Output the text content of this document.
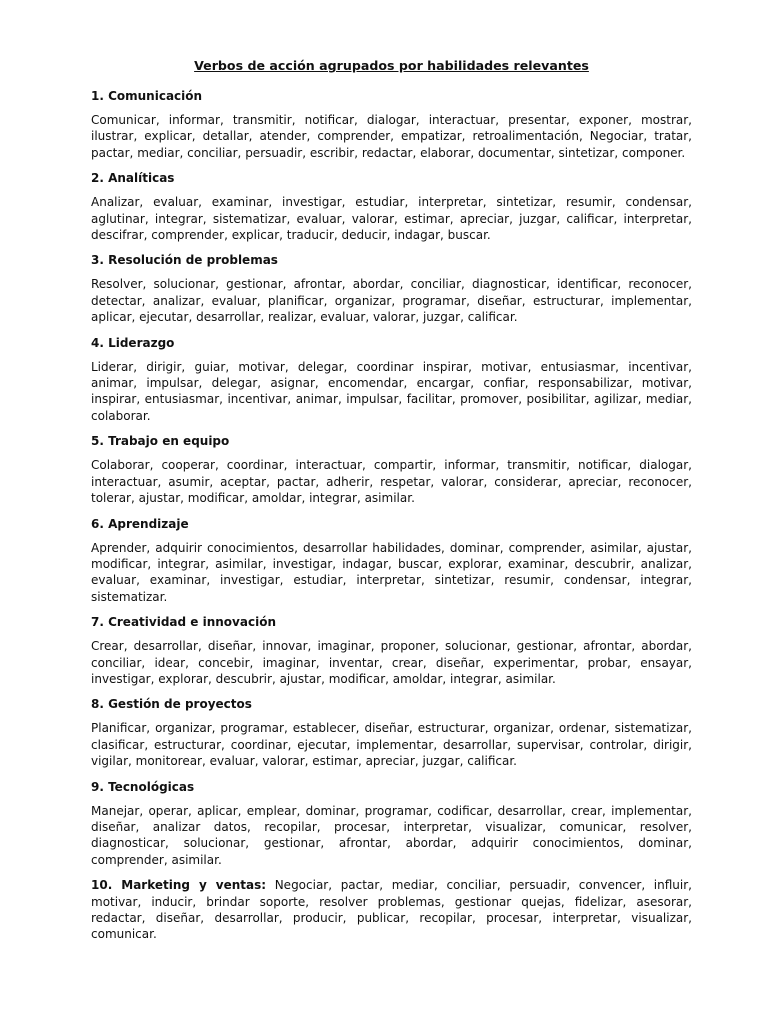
Verbos de acción agrupados por habilidades relevantes
1. Comunicación
Comunicar, informar, transmitir, notificar, dialogar, interactuar, presentar, exponer, mostrar, ilustrar, explicar, detallar, atender, comprender, empatizar, retroalimentación, Negociar, tratar, pactar, mediar, conciliar, persuadir, escribir, redactar, elaborar, documentar, sintetizar, componer.
2. Analíticas
Analizar, evaluar, examinar, investigar, estudiar, interpretar, sintetizar, resumir, condensar, aglutinar, integrar, sistematizar, evaluar, valorar, estimar, apreciar, juzgar, calificar, interpretar, descifrar, comprender, explicar, traducir, deducir, indagar, buscar.
3. Resolución de problemas
Resolver, solucionar, gestionar, afrontar, abordar, conciliar, diagnosticar, identificar, reconocer, detectar, analizar, evaluar, planificar, organizar, programar, diseñar, estructurar, implementar, aplicar, ejecutar, desarrollar, realizar, evaluar, valorar, juzgar, calificar.
4. Liderazgo
Liderar, dirigir, guiar, motivar, delegar, coordinar inspirar, motivar, entusiasmar, incentivar, animar, impulsar, delegar, asignar, encomendar, encargar, confiar, responsabilizar, motivar, inspirar, entusiasmar, incentivar, animar, impulsar, facilitar, promover, posibilitar, agilizar, mediar, colaborar.
5. Trabajo en equipo
Colaborar, cooperar, coordinar, interactuar, compartir, informar, transmitir, notificar, dialogar, interactuar, asumir, aceptar, pactar, adherir, respetar, valorar, considerar, apreciar, reconocer, tolerar, ajustar, modificar, amoldar, integrar, asimilar.
6. Aprendizaje
Aprender, adquirir conocimientos, desarrollar habilidades, dominar, comprender, asimilar, ajustar, modificar, integrar, asimilar, investigar, indagar, buscar, explorar, examinar, descubrir, analizar, evaluar, examinar, investigar, estudiar, interpretar, sintetizar, resumir, condensar, integrar, sistematizar.
7. Creatividad e innovación
Crear, desarrollar, diseñar, innovar, imaginar, proponer, solucionar, gestionar, afrontar, abordar, conciliar, idear, concebir, imaginar, inventar, crear, diseñar, experimentar, probar, ensayar, investigar, explorar, descubrir, ajustar, modificar, amoldar, integrar, asimilar.
8. Gestión de proyectos
Planificar, organizar, programar, establecer, diseñar, estructurar, organizar, ordenar, sistematizar, clasificar, estructurar, coordinar, ejecutar, implementar, desarrollar, supervisar, controlar, dirigir, vigilar, monitorear, evaluar, valorar, estimar, apreciar, juzgar, calificar.
9. Tecnológicas
Manejar, operar, aplicar, emplear, dominar, programar, codificar, desarrollar, crear, implementar, diseñar, analizar datos, recopilar, procesar, interpretar, visualizar, comunicar, resolver, diagnosticar, solucionar, gestionar, afrontar, abordar, adquirir conocimientos, dominar, comprender, asimilar.
10. Marketing y ventas: Negociar, pactar, mediar, conciliar, persuadir, convencer, influir, motivar, inducir, brindar soporte, resolver problemas, gestionar quejas, fidelizar, asesorar, redactar, diseñar, desarrollar, producir, publicar, recopilar, procesar, interpretar, visualizar, comunicar.
